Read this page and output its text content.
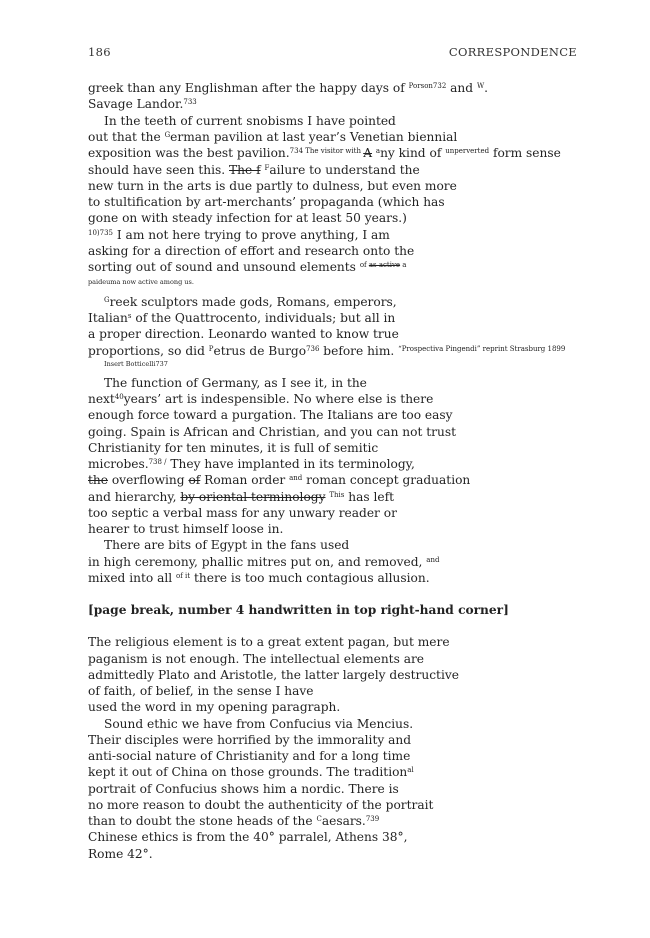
186	CORRESPONDENCE
greek than any Englishman after the happy days of $^{Porson732}$ and $^W$.
Savage Landor.$^{733}$
In the teeth of current snobisms I have pointed
out that the $^G$erman pavilion at last year’s Venetian biennial
exposition was the best pavilion.$^{734 The visitor with}$ A $^a$ny kind of $^{unperverted}$ form sense
should have seen this. The f $^F$ailure to understand the
new turn in the arts is due partly to dulness, but even more
to stultification by art-merchants’ propaganda (which has
gone on with steady infection for at least 50 years.)
$^{10)735}$ I am not here trying to prove anything, I am
asking for a direction of effort and research onto the
sorting out of sound and unsound elements $^{of}$ $^{as active}$ $^a$
paideuma now active among us.
$^G$reek sculptors made gods, Romans, emperors,
Italian$^s$ of the Quattrocento, individuals; but all in
a proper direction. Leonardo wanted to know true
proportions, so did $^P$etrus de Burgo$^{736}$ before him. $^{“Prospectiva Pingendi” reprint Strasburg 1899}$
Insert Botticelli737
The function of Germany, as I see it, in the
next$^{40}$years’ art is indespensible. No where else is there
enough force toward a purgation. The Italians are too easy
going. Spain is African and Christian, and you can not trust
Christianity for ten minutes, it is full of semitic
microbes.$^{738 /}$ They have implanted in its terminology,
the overflowing of Roman order $^{and}$ roman concept graduation
and hierarchy, by oriental terminology $^{This}$ has left
too septic a verbal mass for any unwary reader or
hearer to trust himself loose in.
There are bits of Egypt in the fans used
in high ceremony, phallic mitres put on, and removed, $^{and}$
mixed into all $^{of it}$ there is too much contagious allusion.
[page break, number 4 handwritten in top right-hand corner]
The religious element is to a great extent pagan, but mere
paganism is not enough. The intellectual elements are
admittedly Plato and Aristotle, the latter largely destructive
of faith, of belief, in the sense I have
used the word in my opening paragraph.
Sound ethic we have from Confucius via Mencius.
Their disciples were horrified by the immorality and
anti-social nature of Christianity and for a long time
kept it out of China on those grounds. The tradition$^{al}$
portrait of Confucius shows him a nordic. There is
no more reason to doubt the authenticity of the portrait
than to doubt the stone heads of the $^C$aesars.$^{739}$
Chinese ethics is from the 40° parralel, Athens 38°,
Rome 42°.
